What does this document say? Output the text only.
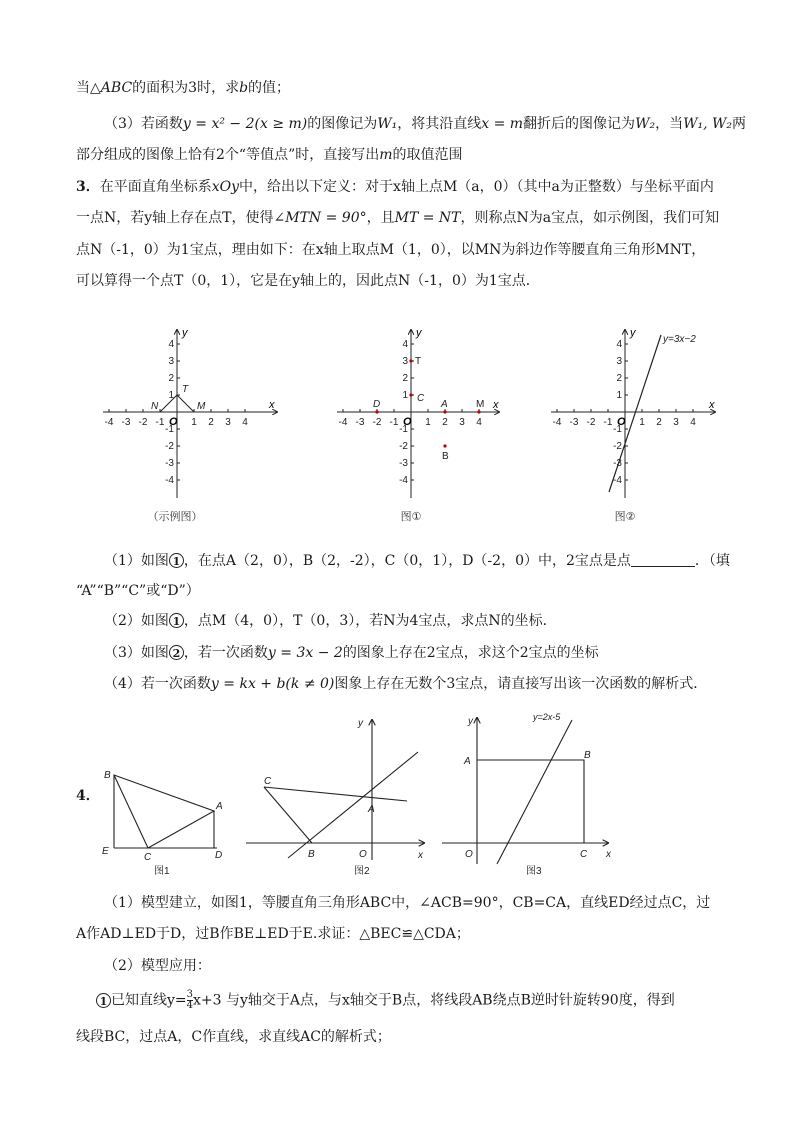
当△ABC的面积为3时，求b的值；
（3）若函数y = x² − 2(x ≥ m)的图像记为W₁，将其沿直线x = m翻折后的图像记为W₂，当W₁, W₂两
部分组成的图像上恰有2个“等值点”时，直接写出m的取值范围
3．在平面直角坐标系xOy中，给出以下定义：对于x轴上点M（a，0）（其中a为正整数）与坐标平面内
一点N，若y轴上存在点T，使得∠MTN = 90°，且MT = NT，则称点N为a宝点，如示例图，我们可知
点N（-1，0）为1宝点，理由如下：在x轴上取点M（1，0），以MN为斜边作等腰直角三角形MNT，
可以算得一个点T（0，1），它是在y轴上的，因此点N（-1，0）为1宝点．
-4 -3 -2 -1	1 2 3 4
4
3
2
1
-1
-2
-3
-4
O
x
y
N
T
M
（示例图）
-4 -3 -2 -1	1 2 3 4
4
3
2
1
-1
-2
-3
-4
O
x
y
T
C
D	A	M
B
图①
-4 -3 -2 -1	1 2 3 4
4
3
2
1
-1
-2
-3
-4
O
x
y
y=3x−2
图②
（1）如图 1 ，在点A（2，0），B（2，-2），C（0，1），D（-2，0）中，2宝点是点	．（填
“A”“B”“C”或“D”）
（2）如图 1 ，点M（4，0），T（0，3），若N为4宝点，求点N的坐标．
（3）如图 2 ，若一次函数y = 3x − 2的图象上存在2宝点，求这个2宝点的坐标
（4）若一次函数y = kx + b(k ≠ 0)图象上存在无数个3宝点，请直接写出该一次函数的解析式．
4．
B
A
E
C	D
图1
y
C
A
B	O	x
图2
y	y=2x-5
A
B
O	C x
图3
（1）模型建立，如图1，等腰直角三角形ABC中，∠ACB=90°，CB=CA，直线ED经过点C，过
A作AD⊥ED于D，过B作BE⊥ED于E.求证：△BEC≌△CDA；
（2）模型应用：
1 已知直线$y= \frac{3}{4} x+3$ 与y轴交于A点，与x轴交于B点，将线段AB绕点B逆时针旋转90度，得到
线段BC，过点A，C作直线，求直线AC的解析式；
